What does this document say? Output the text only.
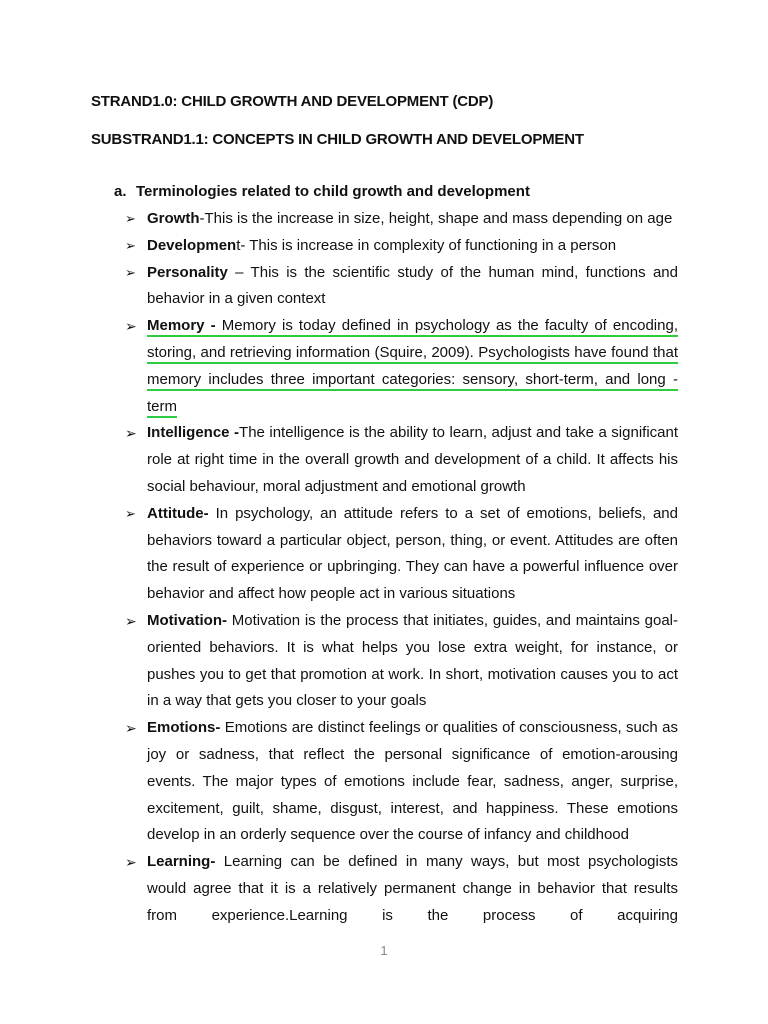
STRAND1.0: CHILD GROWTH AND DEVELOPMENT (CDP)
SUBSTRAND1.1: CONCEPTS IN CHILD GROWTH AND DEVELOPMENT
a. Terminologies related to child growth and development

➢ Growth-This is the increase in size, height, shape and mass depending on age

➢ Development- This is increase in complexity of functioning in a person

➢ Personality – This is the scientific study of the human mind, functions and behavior in a given context

➢ Memory - Memory is today defined in psychology as the faculty of encoding, storing, and retrieving information (Squire, 2009). Psychologists have found that memory includes three important categories: sensory, short-term, and long -term

➢ Intelligence -The intelligence is the ability to learn, adjust and take a significant role at right time in the overall growth and development of a child. It affects his social behaviour, moral adjustment and emotional growth

➢ Attitude- In psychology, an attitude refers to a set of emotions, beliefs, and behaviors toward a particular object, person, thing, or event. Attitudes are often the result of experience or upbringing. They can have a powerful influence over behavior and affect how people act in various situations

➢ Motivation- Motivation is the process that initiates, guides, and maintains goal-oriented behaviors. It is what helps you lose extra weight, for instance, or pushes you to get that promotion at work. In short, motivation causes you to act in a way that gets you closer to your goals

➢ Emotions- Emotions are distinct feelings or qualities of consciousness, such as joy or sadness, that reflect the personal significance of emotion-arousing events. The major types of emotions include fear, sadness, anger, surprise, excitement, guilt, shame, disgust, interest, and happiness. These emotions develop in an orderly sequence over the course of infancy and childhood

➢ Learning- Learning can be defined in many ways, but most psychologists would agree that it is a relatively permanent change in behavior that results from experience.Learning is the process of acquiring

1
